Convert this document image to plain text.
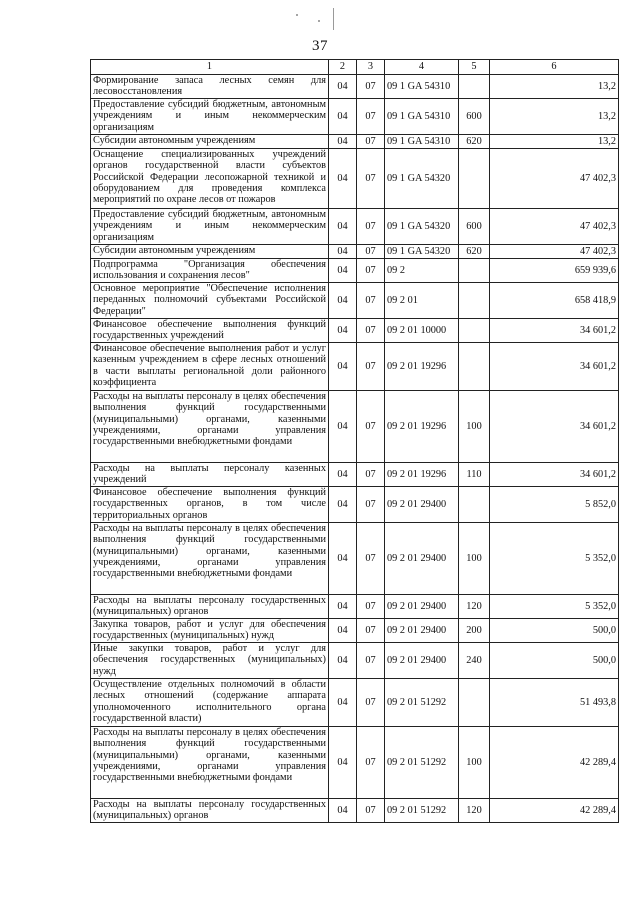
37
1	2	3	4	5	6
Формирование запаса лесных семян для лесовосстановления	04	07	09 1 GA 54310		13,2
Предоставление субсидий бюджетным, автономным учреждениям и иным некоммерческим организациям	04	07	09 1 GA 54310	600	13,2
Субсидии автономным учреждениям	04	07	09 1 GA 54310	620	13,2
Оснащение специализированных учреждений органов государственной власти субъектов Российской Федерации лесопожарной техникой и оборудованием для проведения комплекса мероприятий по охране лесов от пожаров	04	07	09 1 GA 54320		47 402,3
Предоставление субсидий бюджетным, автономным учреждениям и иным некоммерческим организациям	04	07	09 1 GA 54320	600	47 402,3
Субсидии автономным учреждениям	04	07	09 1 GA 54320	620	47 402,3
Подпрограмма "Организация обеспечения использования и сохранения лесов"	04	07	09 2		659 939,6
Основное мероприятие "Обеспечение исполнения переданных полномочий субъектами Российской Федерации"	04	07	09 2 01		658 418,9
Финансовое обеспечение выполнения функций государственных учреждений	04	07	09 2 01 10000		34 601,2
Финансовое обеспечение выполнения работ и услуг казенным учреждением в сфере лесных отношений в части выплаты региональной доли районного коэффициента	04	07	09 2 01 19296		34 601,2
Расходы на выплаты персоналу в целях обеспечения выполнения функций государственными (муниципальными) органами, казенными учреждениями, органами управления государственными внебюджетными фондами	04	07	09 2 01 19296	100	34 601,2
Расходы на выплаты персоналу казенных учреждений	04	07	09 2 01 19296	110	34 601,2
Финансовое обеспечение выполнения функций государственных органов, в том числе территориальных органов	04	07	09 2 01 29400		5 852,0
Расходы на выплаты персоналу в целях обеспечения выполнения функций государственными (муниципальными) органами, казенными учреждениями, органами управления государственными внебюджетными фондами	04	07	09 2 01 29400	100	5 352,0
Расходы на выплаты персоналу государственных (муниципальных) органов	04	07	09 2 01 29400	120	5 352,0
Закупка товаров, работ и услуг для обеспечения государственных (муниципальных) нужд	04	07	09 2 01 29400	200	500,0
Иные закупки товаров, работ и услуг для обеспечения государственных (муниципальных) нужд	04	07	09 2 01 29400	240	500,0
Осуществление отдельных полномочий в области лесных отношений (содержание аппарата уполномоченного исполнительного органа государственной власти)	04	07	09 2 01 51292		51 493,8
Расходы на выплаты персоналу в целях обеспечения выполнения функций государственными (муниципальными) органами, казенными учреждениями, органами управления государственными внебюджетными фондами	04	07	09 2 01 51292	100	42 289,4
Расходы на выплаты персоналу государственных (муниципальных) органов	04	07	09 2 01 51292	120	42 289,4
